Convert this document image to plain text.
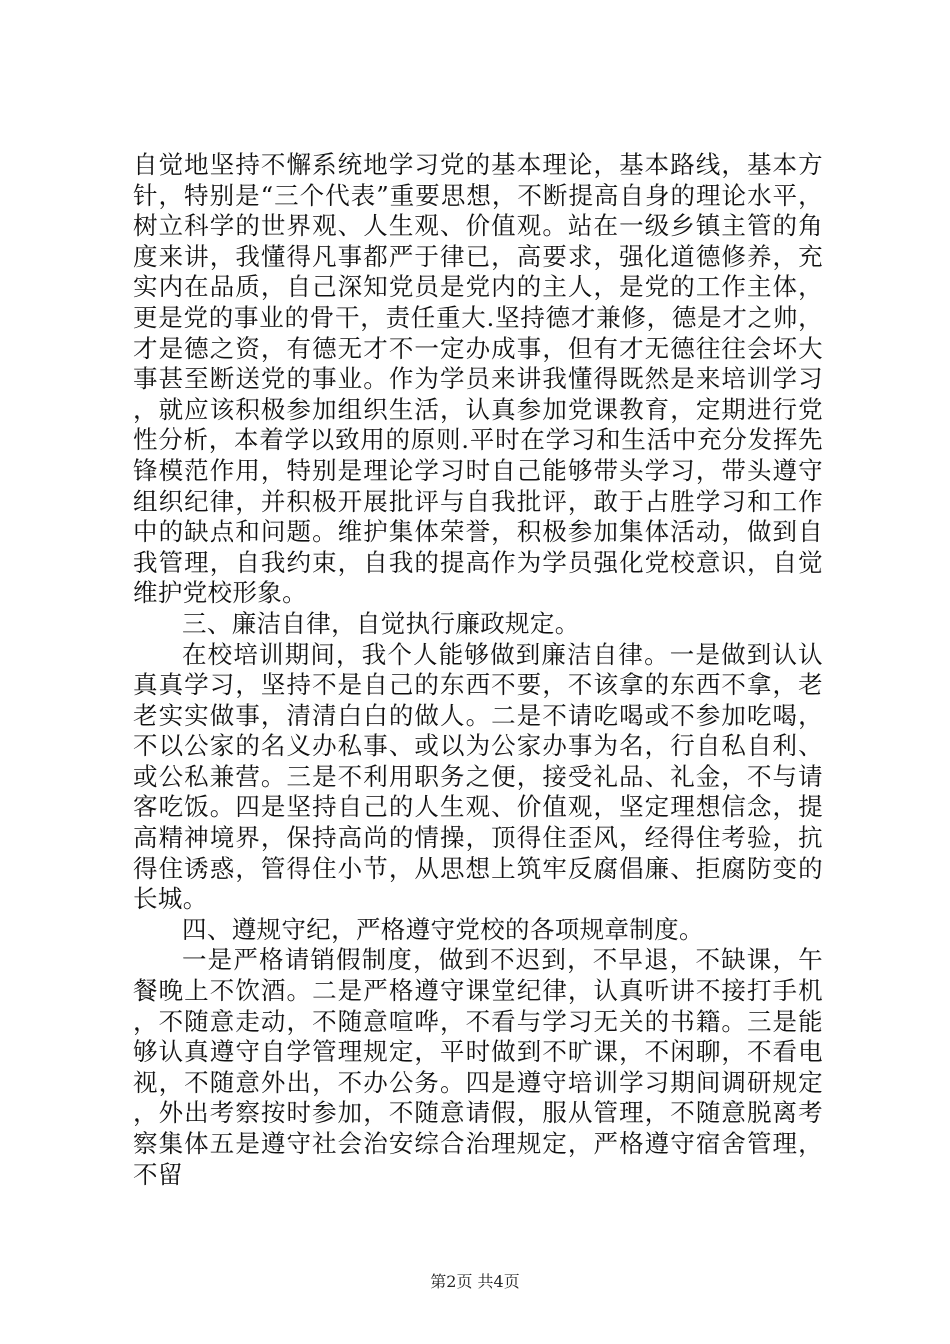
自觉地坚持不懈系统地学习党的基本理论，基本路线，基本方针，特别是“三个代表”重要思想，不断提高自身的理论水平，树立科学的世界观、人生观、价值观。站在一级乡镇主管的角度来讲，我懂得凡事都严于律已，高要求，强化道德修养，充实内在品质，自己深知党员是党内的主人，是党的工作主体，更是党的事业的骨干，责任重大.坚持德才兼修，德是才之帅，才是德之资，有德无才不一定办成事，但有才无德往往会坏大事甚至断送党的事业。作为学员来讲我懂得既然是来培训学习，就应该积极参加组织生活，认真参加党课教育，定期进行党性分析，本着学以致用的原则.平时在学习和生活中充分发挥先锋模范作用，特别是理论学习时自己能够带头学习，带头遵守组织纪律，并积极开展批评与自我批评，敢于占胜学习和工作中的缺点和问题。维护集体荣誉，积极参加集体活动，做到自我管理，自我约束，自我的提高作为学员强化党校意识，自觉维护党校形象。

三、廉洁自律，自觉执行廉政规定。

在校培训期间，我个人能够做到廉洁自律。一是做到认认真真学习，坚持不是自己的东西不要，不该拿的东西不拿，老老实实做事，清清白白的做人。二是不请吃喝或不参加吃喝，不以公家的名义办私事、或以为公家办事为名，行自私自利、或公私兼营。三是不利用职务之便，接受礼品、礼金，不与请客吃饭。四是坚持自己的人生观、价值观，坚定理想信念，提高精神境界，保持高尚的情操，顶得住歪风，经得住考验，抗得住诱惑，管得住小节，从思想上筑牢反腐倡廉、拒腐防变的长城。

四、遵规守纪，严格遵守党校的各项规章制度。

一是严格请销假制度，做到不迟到，不早退，不缺课，午餐晚上不饮酒。二是严格遵守课堂纪律，认真听讲不接打手机，不随意走动，不随意喧哗，不看与学习无关的书籍。三是能够认真遵守自学管理规定，平时做到不旷课，不闲聊，不看电视，不随意外出，不办公务。四是遵守培训学习期间调研规定，外出考察按时参加，不随意请假，服从管理，不随意脱离考察集体五是遵守社会治安综合治理规定，严格遵守宿舍管理，不留

第2页 共4页
